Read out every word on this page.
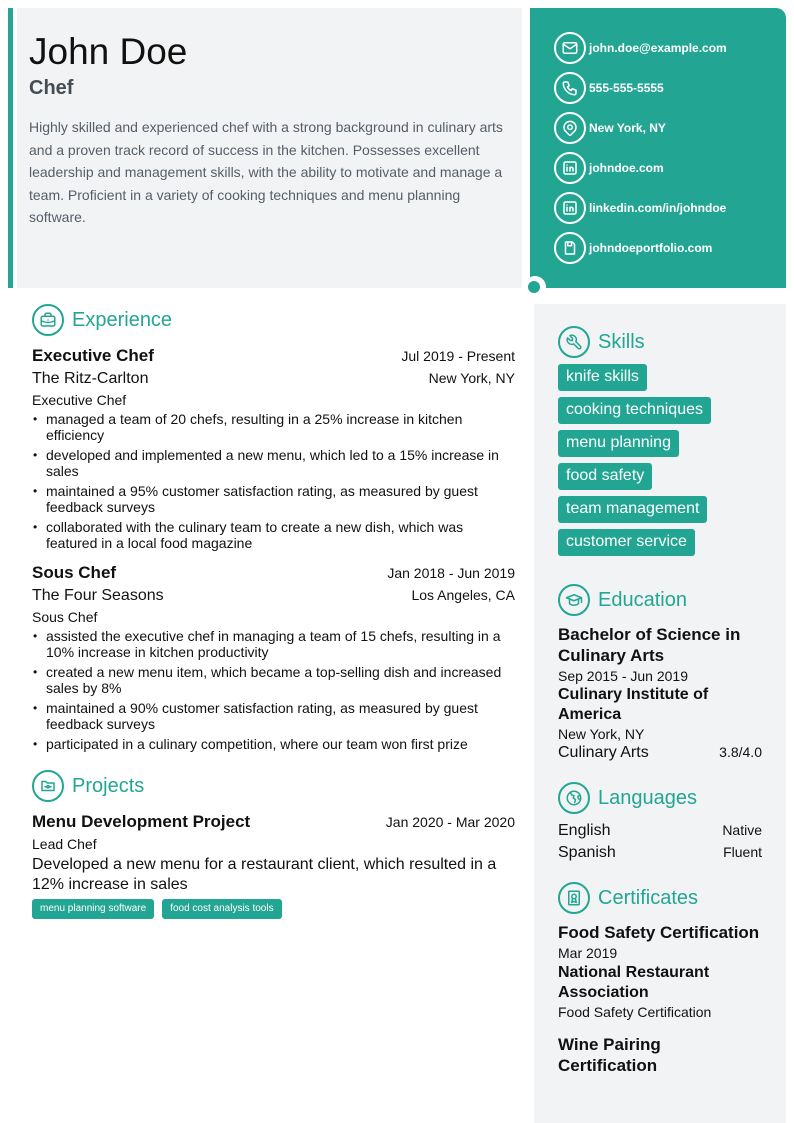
John Doe
Chef
Highly skilled and experienced chef with a strong background in culinary arts and a proven track record of success in the kitchen. Possesses excellent leadership and management skills, with the ability to motivate and manage a team. Proficient in a variety of cooking techniques and menu planning software.
john.doe@example.com
555-555-5555
New York, NY
johndoe.com
linkedin.com/in/johndoe
johndoeportfolio.com
Experience
Executive Chef	Jul 2019 - Present
The Ritz-Carlton	New York, NY
Executive Chef
• managed a team of 20 chefs, resulting in a 25% increase in kitchen efficiency
• developed and implemented a new menu, which led to a 15% increase in sales
• maintained a 95% customer satisfaction rating, as measured by guest feedback surveys
• collaborated with the culinary team to create a new dish, which was featured in a local food magazine
Sous Chef	Jan 2018 - Jun 2019
The Four Seasons	Los Angeles, CA
Sous Chef
• assisted the executive chef in managing a team of 15 chefs, resulting in a 10% increase in kitchen productivity
• created a new menu item, which became a top-selling dish and increased sales by 8%
• maintained a 90% customer satisfaction rating, as measured by guest feedback surveys
• participated in a culinary competition, where our team won first prize
Projects
Menu Development Project	Jan 2020 - Mar 2020
Lead Chef
Developed a new menu for a restaurant client, which resulted in a 12% increase in sales
menu planning software	food cost analysis tools
Skills
knife skills
cooking techniques
menu planning
food safety
team management
customer service
Education
Bachelor of Science in Culinary Arts
Sep 2015 - Jun 2019
Culinary Institute of America
New York, NY
Culinary Arts	3.8/4.0
Languages
English	Native
Spanish	Fluent
Certificates
Food Safety Certification
Mar 2019
National Restaurant Association
Food Safety Certification
Wine Pairing Certification
